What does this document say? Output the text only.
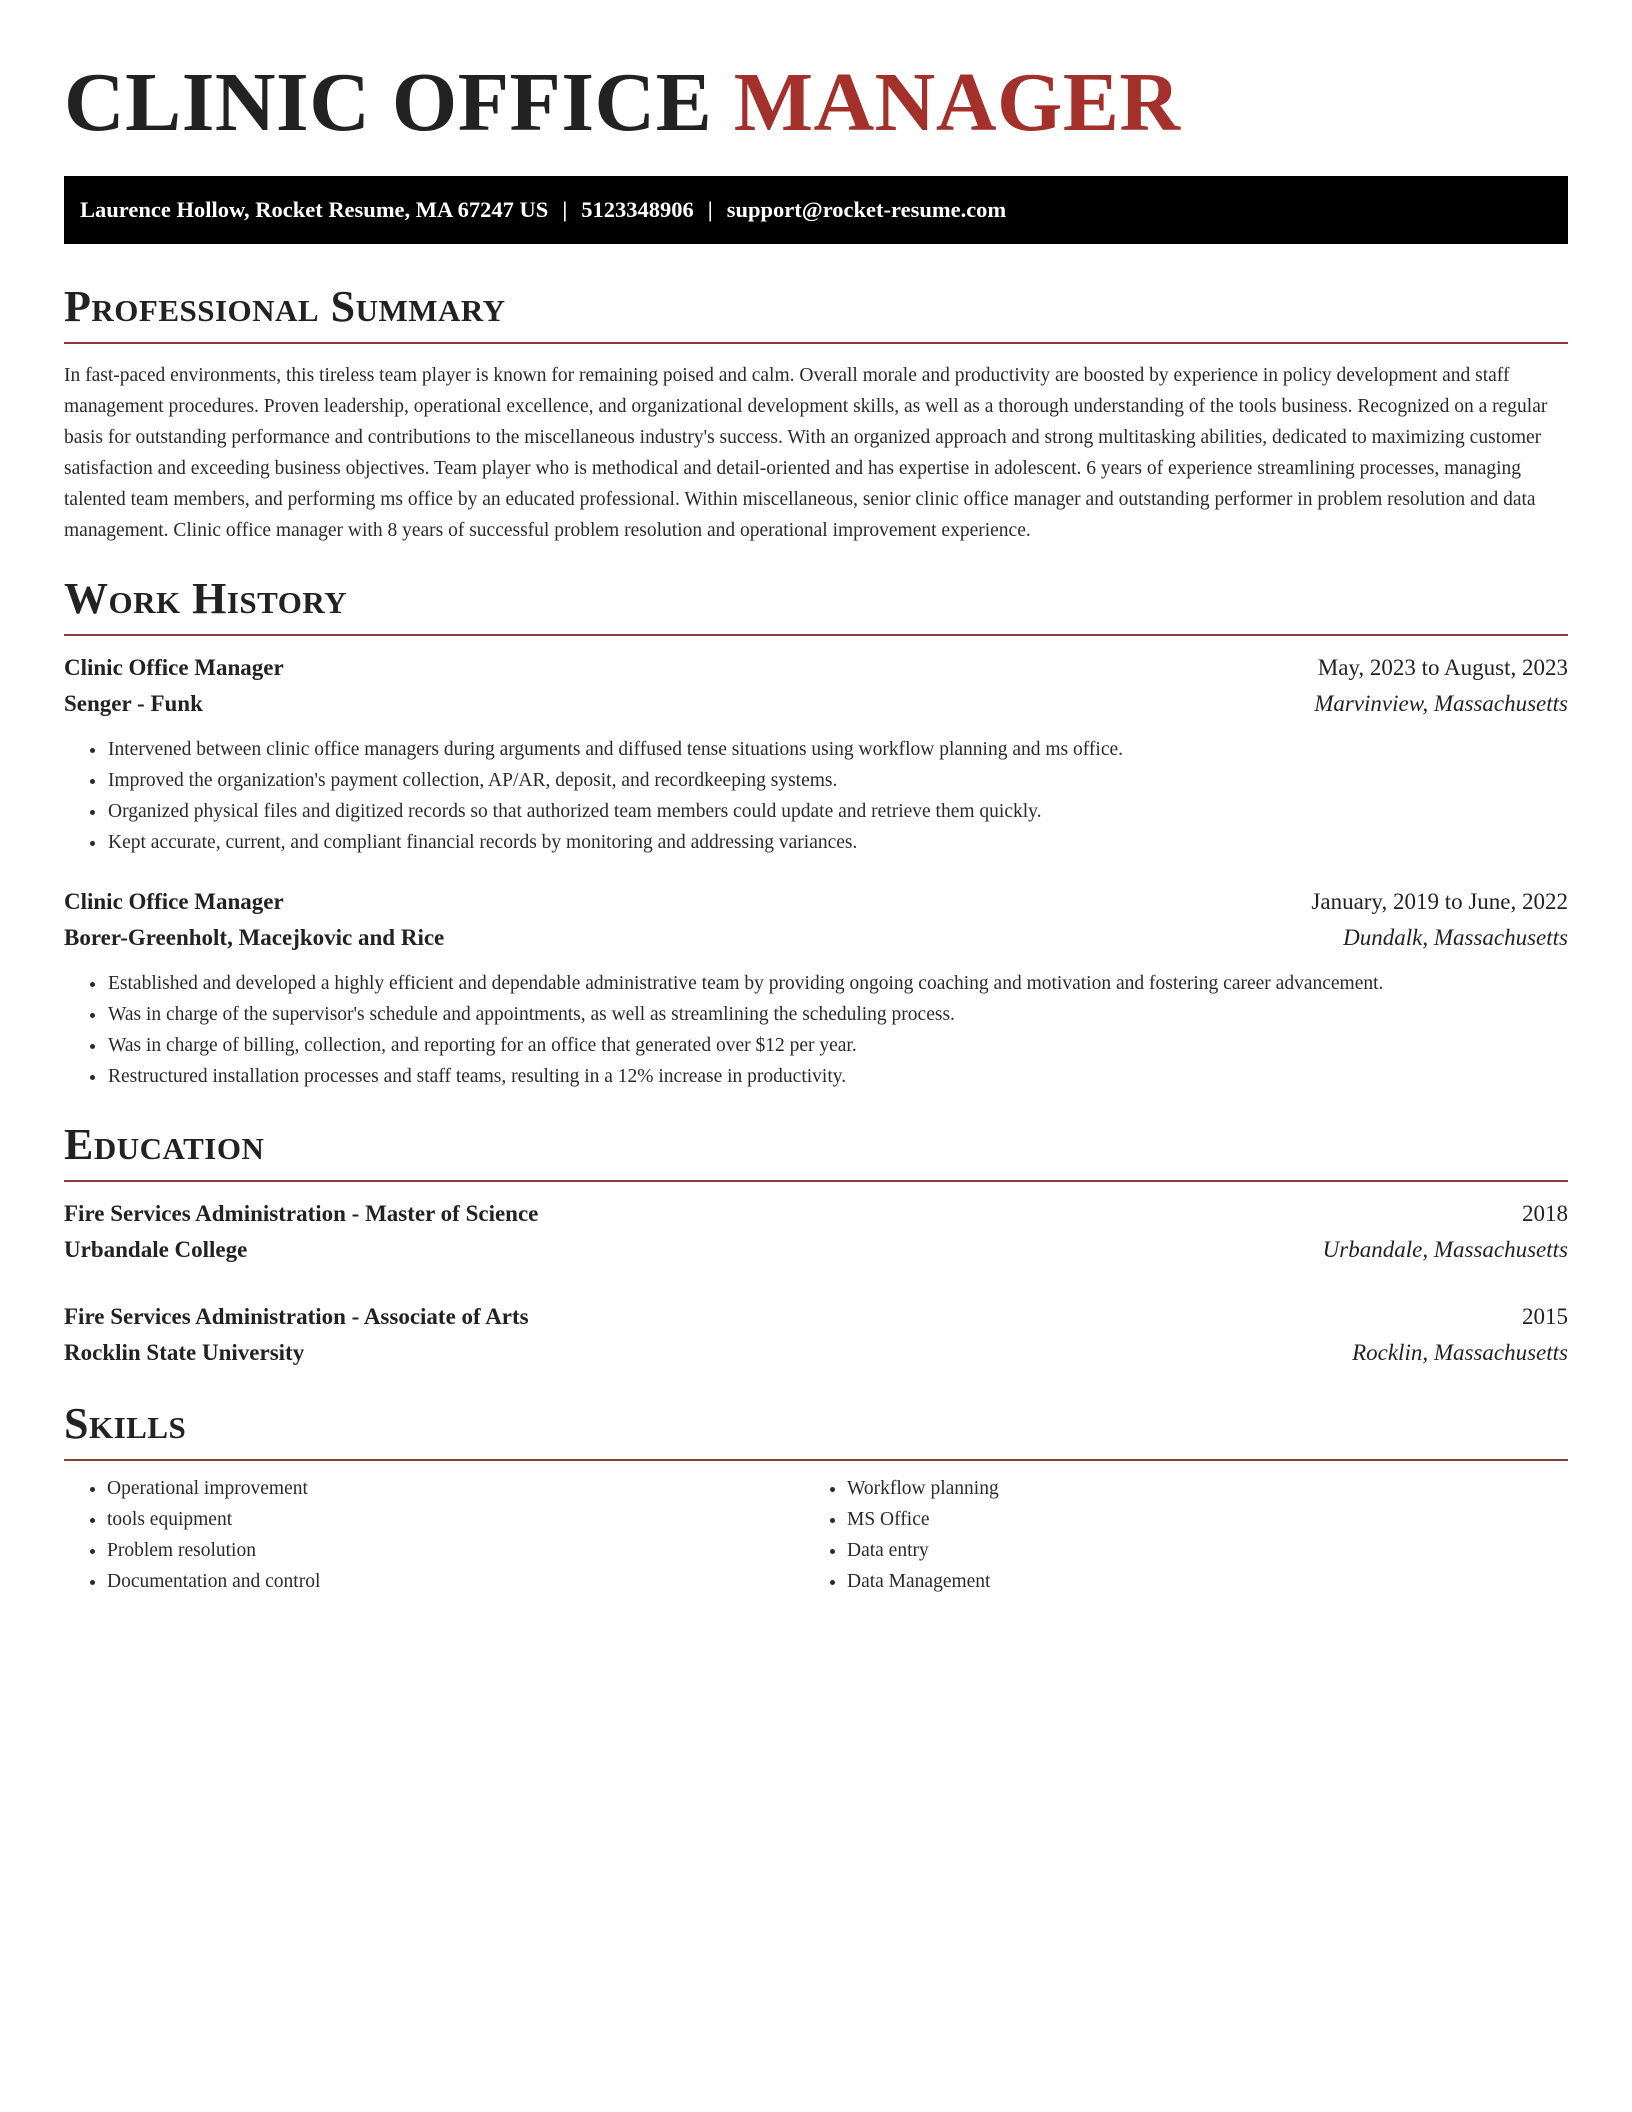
CLINIC OFFICE MANAGER
Laurence Hollow, Rocket Resume, MA 67247 US | 5123348906 | support@rocket-resume.com
Professional Summary

In fast-paced environments, this tireless team player is known for remaining poised and calm. Overall morale and productivity are boosted by experience in policy development and staff management procedures. Proven leadership, operational excellence, and organizational development skills, as well as a thorough understanding of the tools business. Recognized on a regular basis for outstanding performance and contributions to the miscellaneous industry's success. With an organized approach and strong multitasking abilities, dedicated to maximizing customer satisfaction and exceeding business objectives. Team player who is methodical and detail-oriented and has expertise in adolescent. 6 years of experience streamlining processes, managing talented team members, and performing ms office by an educated professional. Within miscellaneous, senior clinic office manager and outstanding performer in problem resolution and data management. Clinic office manager with 8 years of successful problem resolution and operational improvement experience.

Work History
Clinic Office Manager	May, 2023 to August, 2023
Senger - Funk	Marvinview, Massachusetts
• Intervened between clinic office managers during arguments and diffused tense situations using workflow planning and ms office.
• Improved the organization's payment collection, AP/AR, deposit, and recordkeeping systems.
• Organized physical files and digitized records so that authorized team members could update and retrieve them quickly.
• Kept accurate, current, and compliant financial records by monitoring and addressing variances.
Clinic Office Manager	January, 2019 to June, 2022
Borer-Greenholt, Macejkovic and Rice	Dundalk, Massachusetts
• Established and developed a highly efficient and dependable administrative team by providing ongoing coaching and motivation and fostering career advancement.
• Was in charge of the supervisor's schedule and appointments, as well as streamlining the scheduling process.
• Was in charge of billing, collection, and reporting for an office that generated over $12 per year.
• Restructured installation processes and staff teams, resulting in a 12% increase in productivity.
Education
Fire Services Administration - Master of Science	2018
Urbandale College	Urbandale, Massachusetts
Fire Services Administration - Associate of Arts	2015
Rocklin State University	Rocklin, Massachusetts
Skills
• Operational improvement
• tools equipment
• Problem resolution
• Documentation and control
• Workflow planning
• MS Office
• Data entry
• Data Management
